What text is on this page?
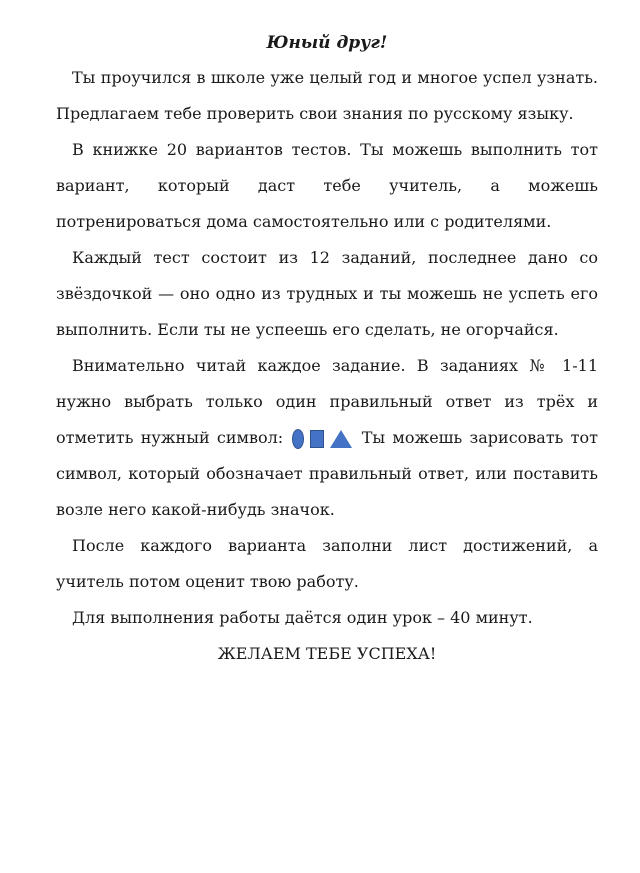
Юный друг!

Ты проучился в школе уже целый год и многое успел узнать. Предлагаем тебе проверить свои знания по русскому языку.

В книжке 20 вариантов тестов. Ты можешь выполнить тот вариант, который даст тебе учитель, а можешь потренироваться дома самостоятельно или с родителями.

Каждый тест состоит из 12 заданий, последнее дано со звёздочкой — оно одно из трудных и ты можешь не успеть его выполнить. Если ты не успеешь его сделать, не огорчайся.

Внимательно читай каждое задание. В заданиях № 1-11 нужно выбрать только один правильный ответ из трёх и отметить нужный символ:	Ты можешь зарисовать тот символ, который обозначает правильный ответ, или поставить возле него какой-нибудь значок.

После каждого варианта заполни лист достижений, а учитель потом оценит твою работу.

Для выполнения работы даётся один урок – 40 минут.

ЖЕЛАЕМ ТЕБЕ УСПЕХА!
